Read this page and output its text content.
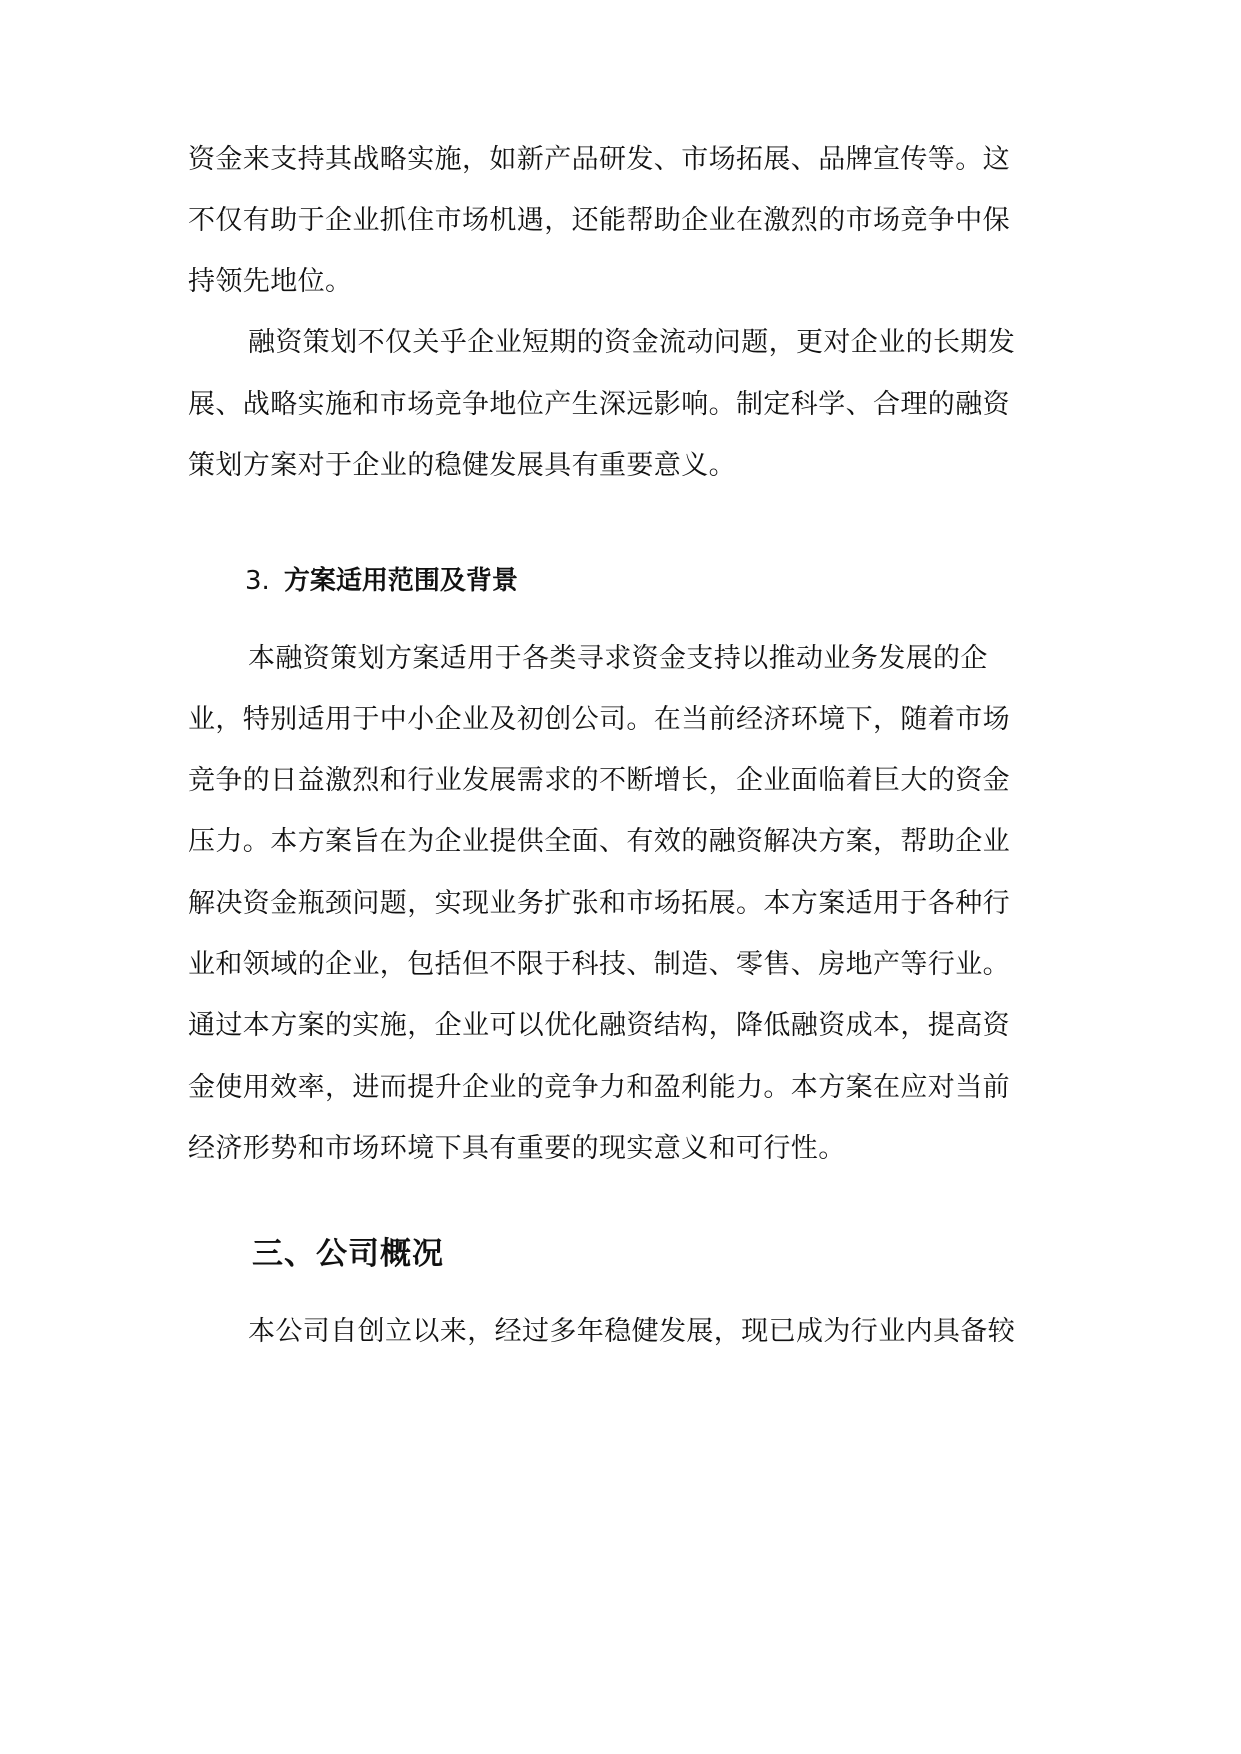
资金来支持其战略实施，如新产品研发、市场拓展、品牌宣传等。这
不仅有助于企业抓住市场机遇，还能帮助企业在激烈的市场竞争中保
持领先地位。
融资策划不仅关乎企业短期的资金流动问题，更对企业的长期发
展、战略实施和市场竞争地位产生深远影响。制定科学、合理的融资
策划方案对于企业的稳健发展具有重要意义。
3. 方案适用范围及背景
本融资策划方案适用于各类寻求资金支持以推动业务发展的企
业，特别适用于中小企业及初创公司。在当前经济环境下，随着市场
竞争的日益激烈和行业发展需求的不断增长，企业面临着巨大的资金
压力。本方案旨在为企业提供全面、有效的融资解决方案，帮助企业
解决资金瓶颈问题，实现业务扩张和市场拓展。本方案适用于各种行
业和领域的企业，包括但不限于科技、制造、零售、房地产等行业。
通过本方案的实施，企业可以优化融资结构，降低融资成本，提高资
金使用效率，进而提升企业的竞争力和盈利能力。本方案在应对当前
经济形势和市场环境下具有重要的现实意义和可行性。
三、公司概况
本公司自创立以来，经过多年稳健发展，现已成为行业内具备较
